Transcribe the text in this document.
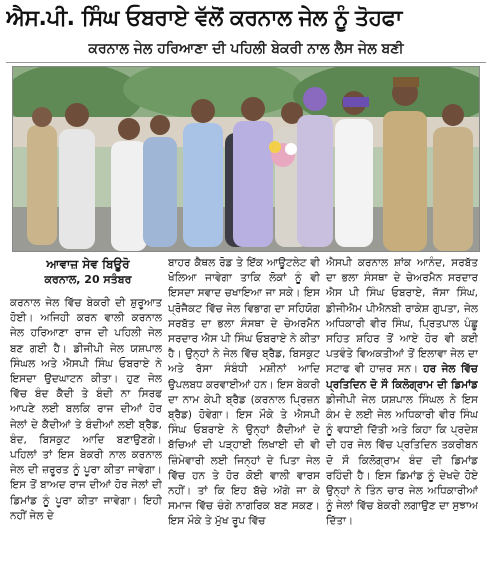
ਐਸ.ਪੀ. ਸਿੰਘ ਓਬਰਾਏ ਵੱਲੋਂ ਕਰਨਾਲ ਜੇਲ ਨੂੰ ਤੋਹਫਾ
ਕਰਨਾਲ ਜੇਲ ਹਰਿਆਣਾ ਦੀ ਪਹਿਲੀ ਬੇਕਰੀ ਨਾਲ ਲੈਸ ਜੇਲ ਬਣੀ
ਆਵਾਜ਼ ਸੇਵ ਬਿਊਰੋ
ਕਰਨਾਲ, 20 ਸਤੰਬਰ

ਕਰਨਾਲ ਜੇਲ ਵਿੱਚ ਬੇਕਰੀ ਦੀ ਸ਼ੁਰੂਆਤ ਹੋਈ। ਅਜਿਹੀ ਕਰਨ ਵਾਲੀ ਕਰਨਾਲ ਜੇਲ ਹਰਿਆਣਾ ਰਾਜ ਦੀ ਪਹਿਲੀ ਜੇਲ ਬਣ ਗਈ ਹੈ। ਡੀਜੀਪੀ ਜੇਲ ਯਸ਼ਪਾਲ ਸਿੰਘਲ ਅਤੇ ਐਸਪੀ ਸਿੰਘ ਓਬਰਾਏ ਨੇ ਇਸਦਾ ਉਦਘਾਟਨ ਕੀਤਾ। ਹੁਣ ਜੇਲ ਵਿੱਚ ਬੰਦ ਕੈਦੀ ਤੇ ਬੰਦੀ ਨਾ ਸਿਰਫ ਆਪਣੇ ਲਈ ਬਲਕਿ ਰਾਜ ਦੀਆਂ ਹੋਰ ਜੇਲਾਂ ਦੇ ਕੈਦੀਆਂ ਤੇ ਬੰਦੀਆਂ ਲਈ ਬ੍ਰੈਡ, ਬੰਦ, ਬਿਸਕੁਟ ਆਦਿ ਬਣਾਉਣਗੇ। ਪਹਿਲਾਂ ਤਾਂ ਇਸ ਬੇਕਰੀ ਨਾਲ ਕਰਨਾਲ ਜੇਲ ਦੀ ਜ਼ਰੂਰਤ ਨੂੰ ਪੂਰਾ ਕੀਤਾ ਜਾਵੇਗਾ। ਇਸ ਤੋਂ ਬਾਅਦ ਰਾਜ ਦੀਆਂ ਹੋਰ ਜੇਲਾਂ ਦੀ ਡਿਮਾਂਡ ਨੂੰ ਪੂਰਾ ਕੀਤਾ ਜਾਵੇਗਾ। ਇਹੀ ਨਹੀਂ ਜੇਲ ਦੇ

ਬਾਹਰ ਕੈਥਲ ਰੋਡ ਤੇ ਇੱਕ ਆਊਟਲੇਟ ਵੀ ਖੋਲਿਆ ਜਾਵੇਗਾ ਤਾਕਿ ਲੋਕਾਂ ਨੂੰ ਵੀ ਇਸਦਾ ਸਵਾਦ ਚਖਾਇਆ ਜਾ ਸਕੇ। ਇਸ ਪ੍ਰੋਜੈਕਟ ਵਿੱਚ ਜੇਲ ਵਿਭਾਗ ਦਾ ਸਹਿਯੋਗ ਸਰਬੱਤ ਦਾ ਭਲਾ ਸੰਸਥਾ ਦੇ ਚੇਅਰਮੈਨ ਸਰਦਾਰ ਐਸ ਪੀ ਸਿੰਘ ਓਬਰਾਏ ਨੇ ਕੀਤਾ ਹੈ। ਉਨ੍ਹਾਂ ਨੇ ਜੇਲ ਵਿੱਚ ਬ੍ਰੈਡ, ਬਿਸਕੁਟ ਅਤੇ ਰੱਸਾ ਸੰਬੰਧੀ ਮਸ਼ੀਨਾਂ ਆਦਿ ਉਪਲਬਧ ਕਰਵਾਈਆਂ ਹਨ। ਇਸ ਬੇਕਰੀ ਦਾ ਨਾਮ ਕੇਪੀ ਬ੍ਰੈਡ (ਕਰਨਾਲ ਪ੍ਰਿਜ਼ਨ ਬ੍ਰੈਡ) ਹੋਵੇਗਾ। ਇਸ ਮੌਕੇ ਤੇ ਐਸਪੀ ਸਿੰਘ ਓਬਰਾਏ ਨੇ ਉਨ੍ਹਾਂ ਕੈਦੀਆਂ ਦੇ ਬੱਚਿਆਂ ਦੀ ਪੜ੍ਹਾਈ ਲਿਖਾਈ ਦੀ ਵੀ ਜ਼ਿੰਮੇਵਾਰੀ ਲਈ ਜਿਨ੍ਹਾਂ ਦੇ ਪਿਤਾ ਜੇਲ ਵਿੱਚ ਹਨ ਤੇ ਹੋਰ ਕੋਈ ਵਾਲੀ ਵਾਰਸ ਨਹੀਂ। ਤਾਂ ਕਿ ਇਹ ਬੱਚੇ ਅੱਗੇ ਜਾ ਕੇ ਸਮਾਜ ਵਿੱਚ ਚੰਗੇ ਨਾਗਰਿਕ ਬਣ ਸਕਣ। ਇਸ ਮੌਕੇ ਤੇ ਮੁੱਖ ਰੂਪ ਵਿੱਚ

ਐਸਪੀ ਕਰਨਾਲ ਸ਼ਾਂਕ ਆਨੰਦ, ਸਰਬੱਤ ਦਾ ਭਲਾ ਸੰਸਥਾ ਦੇ ਚੇਅਰਮੈਨ ਸਰਦਾਰ ਐਸ ਪੀ ਸਿੰਘ ਓਬਰਾਏ, ਜੱਸਾ ਸਿੰਘ, ਡੀਜੀਐਮ ਪੀਐਨਬੀ ਰਾਕੇਸ਼ ਗੁਪਤਾ, ਜੇਲ ਅਧਿਕਾਰੀ ਵੀਰ ਸਿੰਘ, ਪ੍ਰਿਤਪਾਲ ਪੰਛੂ ਸਹਿਤ ਸ਼ਹਿਰ ਤੋਂ ਆਏ ਹੋਰ ਵੀ ਕਈ ਪਤਵੰਤੇ ਵਿਅਕਤੀਆਂ ਤੋਂ ਇਲਾਵਾ ਜੇਲ ਦਾ ਸਟਾਫ ਵੀ ਹਾਜ਼ਰ ਸਨ। ਹਰ ਜੇਲ ਵਿੱਚ ਪ੍ਰਤਿਦਿਨ ਦੋ ਸੌ ਕਿਲੋਗ੍ਰਾਮ ਦੀ ਡਿਮਾਂਡ ਡੀਜੀਪੀ ਜੇਲ ਯਸ਼ਪਾਲ ਸਿੰਘਲ ਨੇ ਇਸ ਕੰਮ ਦੇ ਲਈ ਜੇਲ ਅਧਿਕਾਰੀ ਵੀਰ ਸਿੰਘ ਨੂੰ ਵਧਾਈ ਦਿੱਤੀ ਅਤੇ ਕਿਹਾ ਕਿ ਪ੍ਰਦੇਸ਼ ਦੀ ਹਰ ਜੇਲ ਵਿੱਚ ਪ੍ਰਤਿਦਿਨ ਤਕਰੀਬਨ ਦੋ ਸੌ ਕਿਲੋਗ੍ਰਾਮ ਬੰਦ ਦੀ ਡਿਮਾਂਡ ਰਹਿੰਦੀ ਹੈ। ਇਸ ਡਿਮਾਂਡ ਨੂੰ ਦੇਖਦੇ ਹੋਏ ਉਨ੍ਹਾਂ ਨੇ ਤਿੰਨ ਚਾਰ ਜੇਲ ਅਧਿਕਾਰੀਆਂ ਨੂੰ ਜੇਲਾਂ ਵਿੱਚ ਬੇਕਰੀ ਲਗਾਉਣ ਦਾ ਸੁਝਾਅ ਦਿੱਤਾ।
